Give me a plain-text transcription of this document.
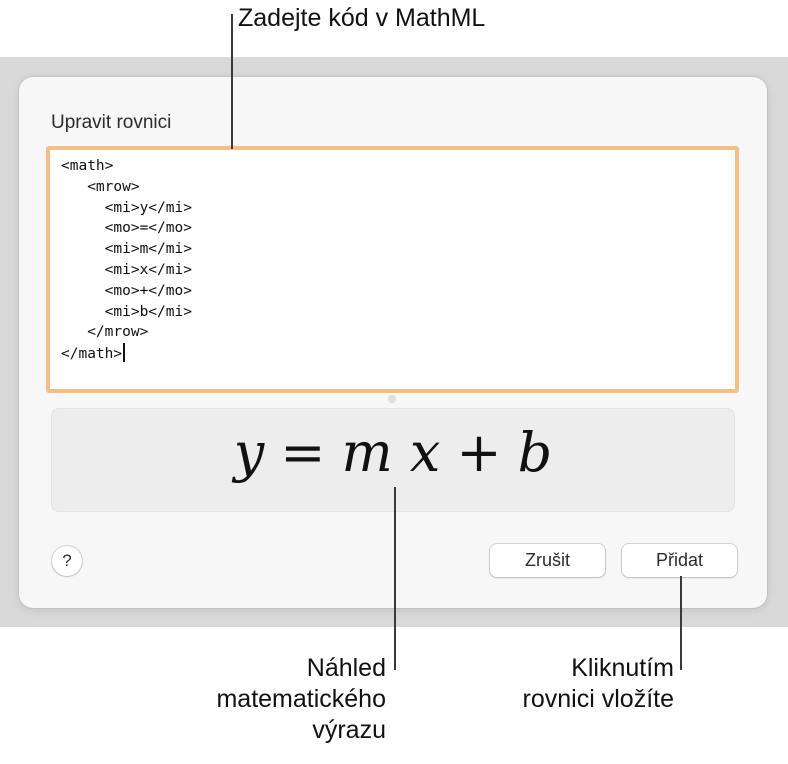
Upravit rovnici
<math>
<mrow>
<mi>y</mi>
<mo>=</mo>
<mi>m</mi>
<mi>x</mi>
<mo>+</mo>
<mi>b</mi>
</mrow>
</math>
y = m x + b
?	Zrušit	Přidat
Zadejte kód v MathML
Náhled
matematického
výrazu
Kliknutím
rovnici vložíte
